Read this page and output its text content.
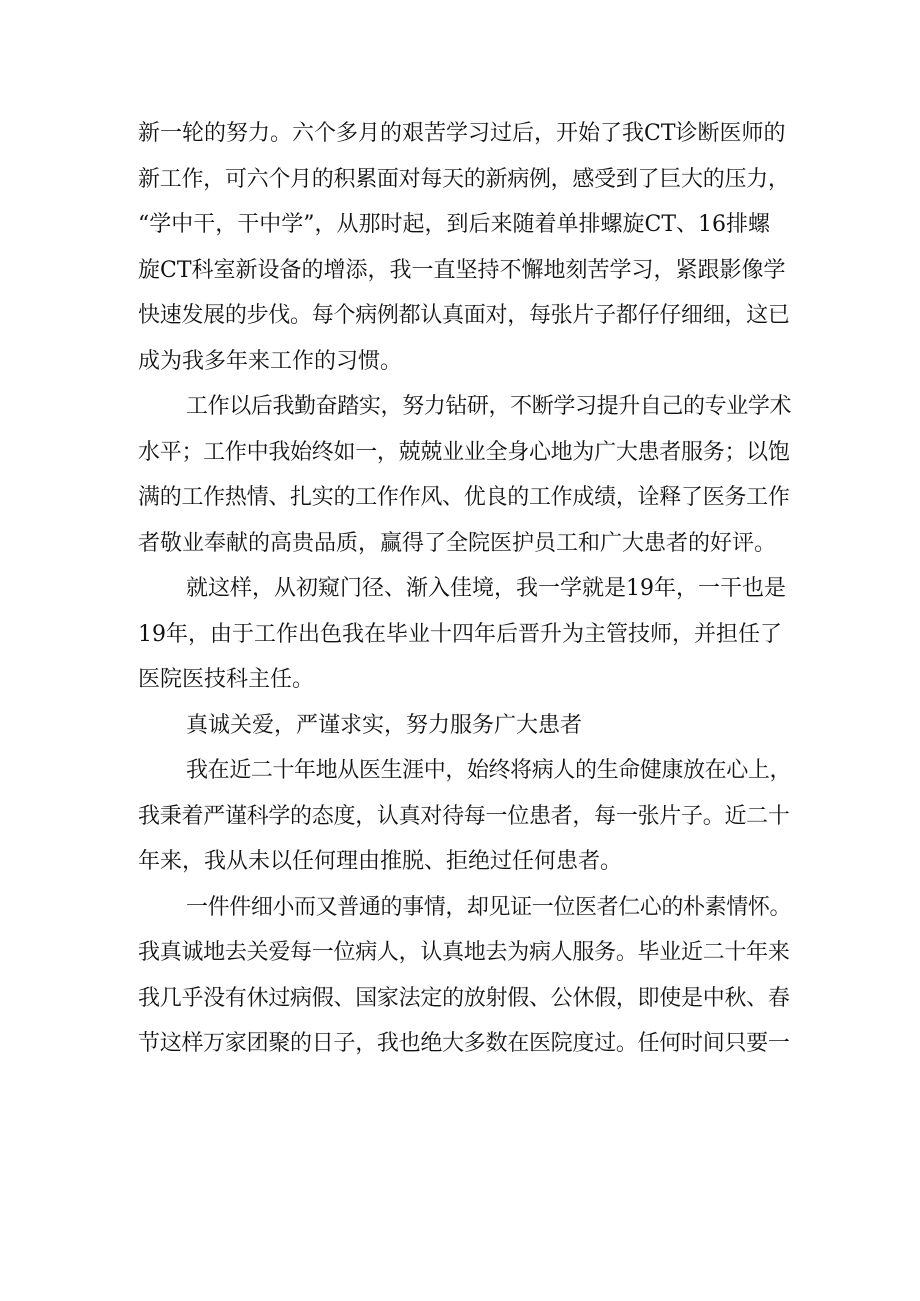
新一轮的努力。六个多月的艰苦学习过后，开始了我CT诊断医师的
新工作，可六个月的积累面对每天的新病例，感受到了巨大的压力，
“学中干，干中学”，从那时起，到后来随着单排螺旋CT、16排螺
旋CT科室新设备的增添，我一直坚持不懈地刻苦学习，紧跟影像学
快速发展的步伐。每个病例都认真面对，每张片子都仔仔细细，这已
成为我多年来工作的习惯。
工作以后我勤奋踏实，努力钻研，不断学习提升自己的专业学术
水平；工作中我始终如一，兢兢业业全身心地为广大患者服务；以饱
满的工作热情、扎实的工作作风、优良的工作成绩，诠释了医务工作
者敬业奉献的高贵品质，赢得了全院医护员工和广大患者的好评。
就这样，从初窥门径、渐入佳境，我一学就是19年，一干也是
19年，由于工作出色我在毕业十四年后晋升为主管技师，并担任了
医院医技科主任。
真诚关爱，严谨求实，努力服务广大患者
我在近二十年地从医生涯中，始终将病人的生命健康放在心上，
我秉着严谨科学的态度，认真对待每一位患者，每一张片子。近二十
年来，我从未以任何理由推脱、拒绝过任何患者。
一件件细小而又普通的事情，却见证一位医者仁心的朴素情怀。
我真诚地去关爱每一位病人，认真地去为病人服务。毕业近二十年来
我几乎没有休过病假、国家法定的放射假、公休假，即使是中秋、春
节这样万家团聚的日子，我也绝大多数在医院度过。任何时间只要一
